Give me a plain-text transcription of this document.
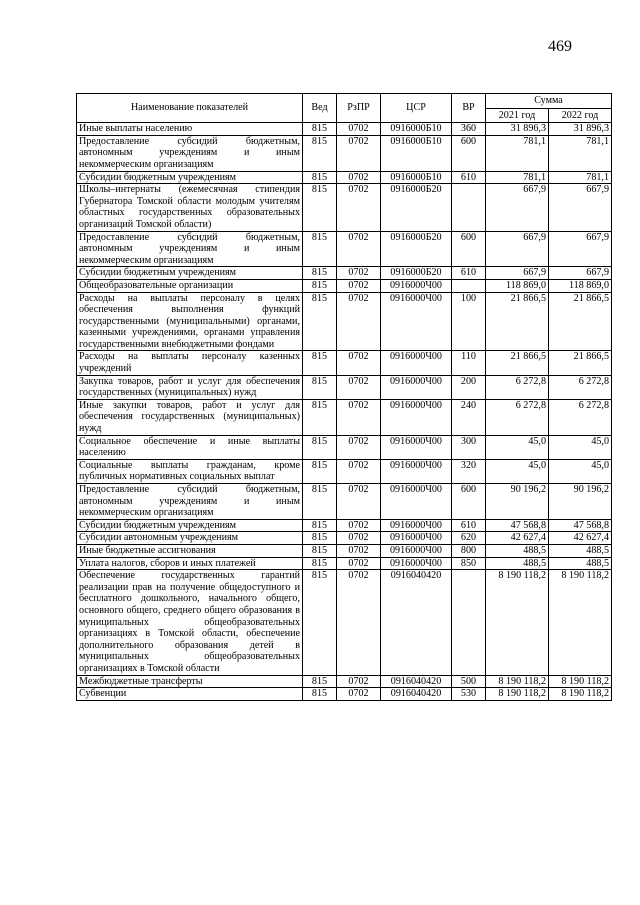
469
Наименование показателей	Вед	РзПР	ЦСР	ВР	Сумма	
					2021 год	2022 год
Иные выплаты населению	815	0702	0916000Б10	360	31 896,3	31 896,3
Предоставление субсидий бюджетным, автономным учреждениям и иным некоммерческим организациям	815	0702	0916000Б10	600	781,1	781,1
Субсидии бюджетным учреждениям	815	0702	0916000Б10	610	781,1	781,1
Школы–интернаты (ежемесячная стипендия Губернатора Томской области молодым учителям областных государственных образовательных организаций Томской области)	815	0702	0916000Б20		667,9	667,9
Предоставление субсидий бюджетным, автономным учреждениям и иным некоммерческим организациям	815	0702	0916000Б20	600	667,9	667,9
Субсидии бюджетным учреждениям	815	0702	0916000Б20	610	667,9	667,9
Общеобразовательные организации	815	0702	0916000Ч00		118 869,0	118 869,0
Расходы на выплаты персоналу в целях обеспечения выполнения функций государственными (муниципальными) органами, казенными учреждениями, органами управления государственными внебюджетными фондами	815	0702	0916000Ч00	100	21 866,5	21 866,5
Расходы на выплаты персоналу казенных учреждений	815	0702	0916000Ч00	110	21 866,5	21 866,5
Закупка товаров, работ и услуг для обеспечения государственных (муниципальных) нужд	815	0702	0916000Ч00	200	6 272,8	6 272,8
Иные закупки товаров, работ и услуг для обеспечения государственных (муниципальных) нужд	815	0702	0916000Ч00	240	6 272,8	6 272,8
Социальное обеспечение и иные выплаты населению	815	0702	0916000Ч00	300	45,0	45,0
Социальные выплаты гражданам, кроме публичных нормативных социальных выплат	815	0702	0916000Ч00	320	45,0	45,0
Предоставление субсидий бюджетным, автономным учреждениям и иным некоммерческим организациям	815	0702	0916000Ч00	600	90 196,2	90 196,2
Субсидии бюджетным учреждениям	815	0702	0916000Ч00	610	47 568,8	47 568,8
Субсидии автономным учреждениям	815	0702	0916000Ч00	620	42 627,4	42 627,4
Иные бюджетные ассигнования	815	0702	0916000Ч00	800	488,5	488,5
Уплата налогов, сборов и иных платежей	815	0702	0916000Ч00	850	488,5	488,5
Обеспечение государственных гарантий реализации прав на получение общедоступного и бесплатного дошкольного, начального общего, основного общего, среднего общего образования в муниципальных общеобразовательных организациях в Томской области, обеспечение дополнительного образования детей в муниципальных общеобразовательных организациях в Томской области	815	0702	0916040420		8 190 118,2	8 190 118,2
Межбюджетные трансферты	815	0702	0916040420	500	8 190 118,2	8 190 118,2
Субвенции	815	0702	0916040420	530	8 190 118,2	8 190 118,2
